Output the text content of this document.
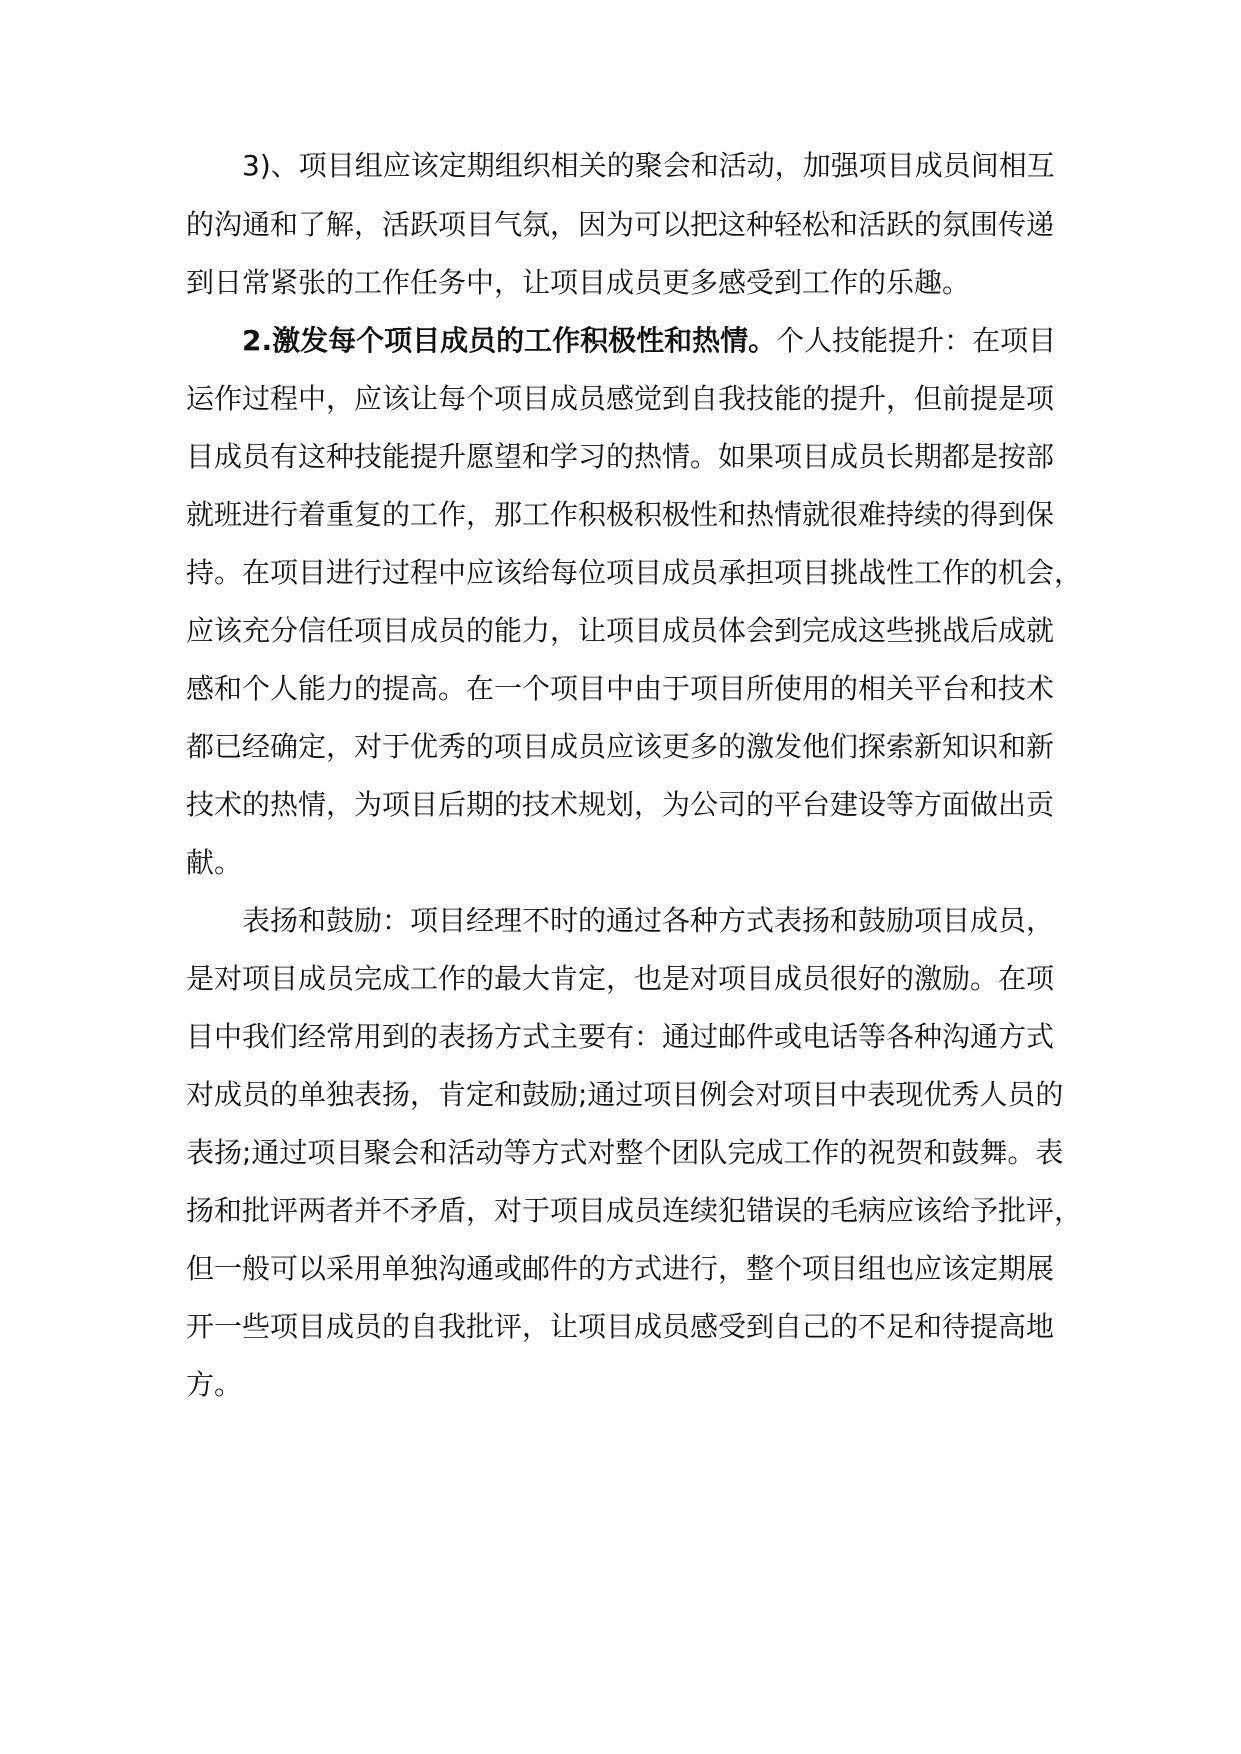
3)、项目组应该定期组织相关的聚会和活动，加强项目成员间相互
的沟通和了解，活跃项目气氛，因为可以把这种轻松和活跃的氛围传递
到日常紧张的工作任务中，让项目成员更多感受到工作的乐趣。
2.激发每个项目成员的工作积极性和热情。个人技能提升：在项目
运作过程中，应该让每个项目成员感觉到自我技能的提升，但前提是项
目成员有这种技能提升愿望和学习的热情。如果项目成员长期都是按部
就班进行着重复的工作，那工作积极积极性和热情就很难持续的得到保
持。在项目进行过程中应该给每位项目成员承担项目挑战性工作的机会，
应该充分信任项目成员的能力，让项目成员体会到完成这些挑战后成就
感和个人能力的提高。在一个项目中由于项目所使用的相关平台和技术
都已经确定，对于优秀的项目成员应该更多的激发他们探索新知识和新
技术的热情，为项目后期的技术规划，为公司的平台建设等方面做出贡
献。
表扬和鼓励：项目经理不时的通过各种方式表扬和鼓励项目成员，
是对项目成员完成工作的最大肯定，也是对项目成员很好的激励。在项
目中我们经常用到的表扬方式主要有：通过邮件或电话等各种沟通方式
对成员的单独表扬，肯定和鼓励;通过项目例会对项目中表现优秀人员的
表扬;通过项目聚会和活动等方式对整个团队完成工作的祝贺和鼓舞。表
扬和批评两者并不矛盾，对于项目成员连续犯错误的毛病应该给予批评，
但一般可以采用单独沟通或邮件的方式进行，整个项目组也应该定期展
开一些项目成员的自我批评，让项目成员感受到自己的不足和待提高地
方。
